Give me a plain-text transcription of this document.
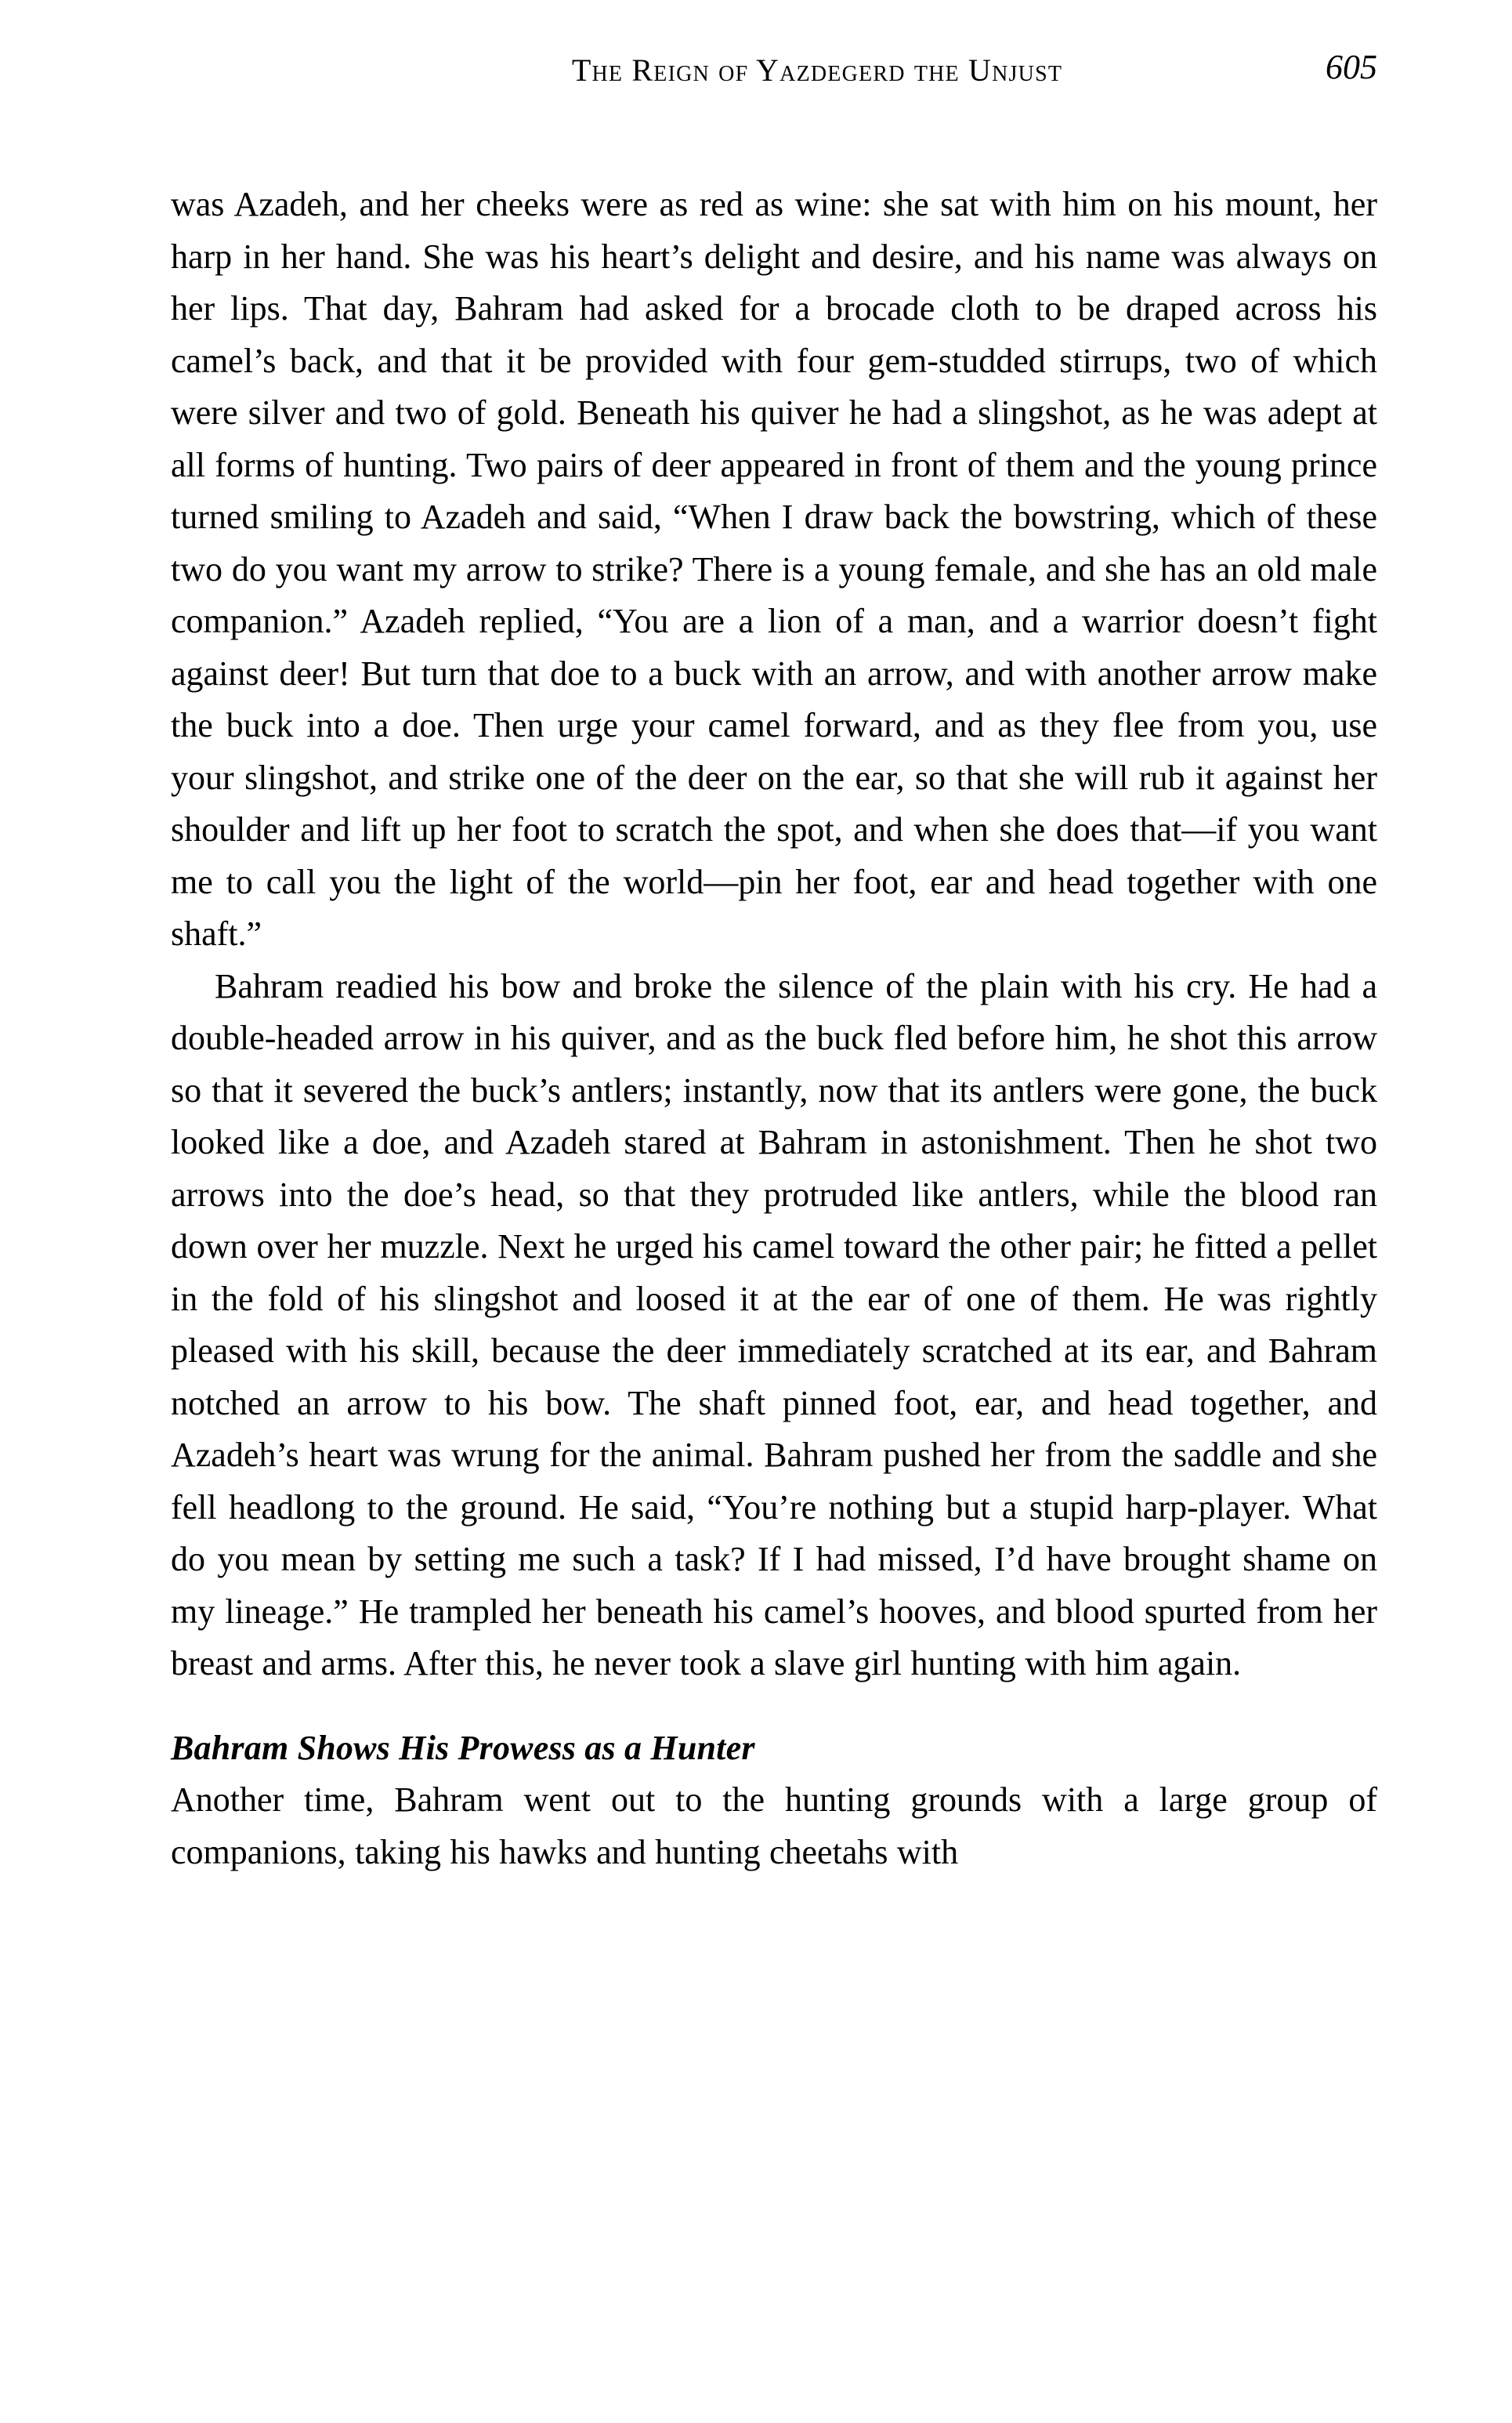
The Reign of Yazdegerd the Unjust	605

was Azadeh, and her cheeks were as red as wine: she sat with him on his mount, her harp in her hand. She was his heart’s delight and desire, and his name was always on her lips. That day, Bahram had asked for a brocade cloth to be draped across his camel’s back, and that it be provided with four gem-studded stirrups, two of which were silver and two of gold. Beneath his quiver he had a slingshot, as he was adept at all forms of hunting. Two pairs of deer appeared in front of them and the young prince turned smiling to Azadeh and said, “When I draw back the bowstring, which of these two do you want my arrow to strike? There is a young female, and she has an old male companion.” Azadeh replied, “You are a lion of a man, and a warrior doesn’t fight against deer! But turn that doe to a buck with an arrow, and with another arrow make the buck into a doe. Then urge your camel forward, and as they flee from you, use your slingshot, and strike one of the deer on the ear, so that she will rub it against her shoulder and lift up her foot to scratch the spot, and when she does that—if you want me to call you the light of the world—pin her foot, ear and head together with one shaft.”

Bahram readied his bow and broke the silence of the plain with his cry. He had a double-headed arrow in his quiver, and as the buck fled before him, he shot this arrow so that it severed the buck’s antlers; instantly, now that its antlers were gone, the buck looked like a doe, and Azadeh stared at Bahram in astonishment. Then he shot two arrows into the doe’s head, so that they protruded like antlers, while the blood ran down over her muzzle. Next he urged his camel toward the other pair; he fitted a pellet in the fold of his slingshot and loosed it at the ear of one of them. He was rightly pleased with his skill, because the deer immediately scratched at its ear, and Bahram notched an arrow to his bow. The shaft pinned foot, ear, and head together, and Azadeh’s heart was wrung for the animal. Bahram pushed her from the saddle and she fell headlong to the ground. He said, “You’re nothing but a stupid harp-player. What do you mean by setting me such a task? If I had missed, I’d have brought shame on my lineage.” He trampled her beneath his camel’s hooves, and blood spurted from her breast and arms. After this, he never took a slave girl hunting with him again.

Bahram Shows His Prowess as a Hunter

Another time, Bahram went out to the hunting grounds with a large group of companions, taking his hawks and hunting cheetahs with
